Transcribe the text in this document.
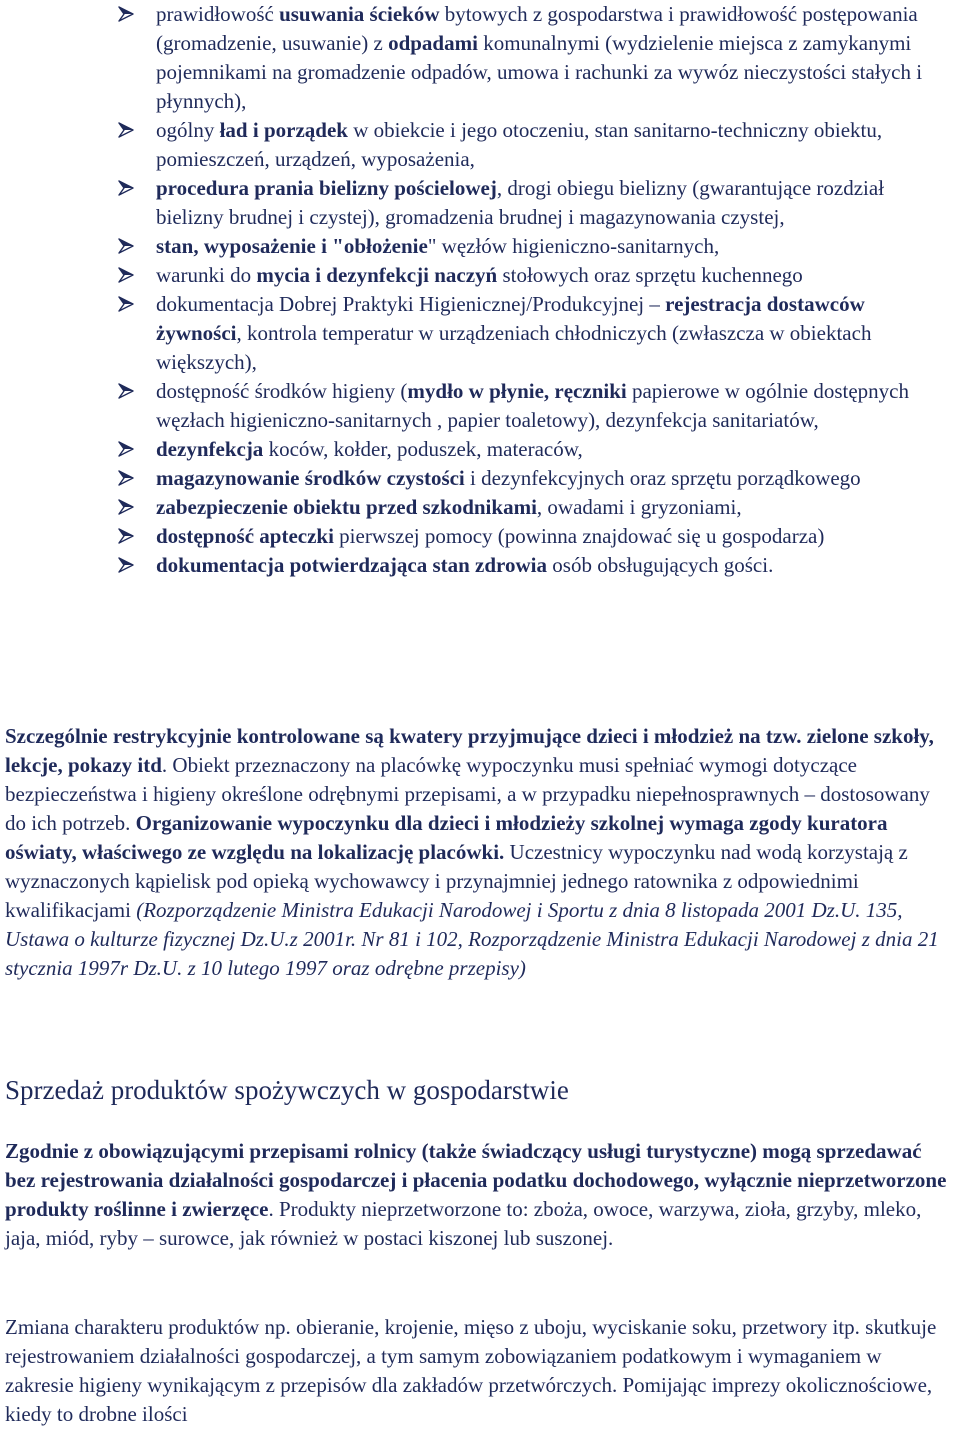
prawidłowość usuwania ścieków bytowych z gospodarstwa i prawidłowość postępowania (gromadzenie, usuwanie) z odpadami komunalnymi (wydzielenie miejsca z zamykanymi pojemnikami na gromadzenie odpadów, umowa i rachunki za wywóz nieczystości stałych i płynnych),
ogólny ład i porządek w obiekcie i jego otoczeniu, stan sanitarno-techniczny obiektu, pomieszczeń, urządzeń, wyposażenia,
procedura prania bielizny pościelowej, drogi obiegu bielizny (gwarantujące rozdział bielizny brudnej i czystej), gromadzenia brudnej i magazynowania czystej,
stan, wyposażenie i "obłożenie" węzłów higieniczno-sanitarnych,
warunki do mycia i dezynfekcji naczyń stołowych oraz sprzętu kuchennego
dokumentacja Dobrej Praktyki Higienicznej/Produkcyjnej – rejestracja dostawców żywności, kontrola temperatur w urządzeniach chłodniczych (zwłaszcza w obiektach większych),
dostępność środków higieny (mydło w płynie, ręczniki papierowe w ogólnie dostępnych węzłach higieniczno-sanitarnych , papier toaletowy), dezynfekcja sanitariatów,
dezynfekcja koców, kołder, poduszek, materaców,
magazynowanie środków czystości i dezynfekcyjnych oraz sprzętu porządkowego
zabezpieczenie obiektu przed szkodnikami, owadami i gryzoniami,
dostępność apteczki pierwszej pomocy (powinna znajdować się u gospodarza)
dokumentacja potwierdzająca stan zdrowia osób obsługujących gości.

Szczególnie restrykcyjnie kontrolowane są kwatery przyjmujące dzieci i młodzież na tzw. zielone szkoły, lekcje, pokazy itd. Obiekt przeznaczony na placówkę wypoczynku musi spełniać wymogi dotyczące bezpieczeństwa i higieny określone odrębnymi przepisami, a w przypadku niepełnosprawnych – dostosowany do ich potrzeb. Organizowanie wypoczynku dla dzieci i młodzieży szkolnej wymaga zgody kuratora oświaty, właściwego ze względu na lokalizację placówki. Uczestnicy wypoczynku nad wodą korzystają z wyznaczonych kąpielisk pod opieką wychowawcy i przynajmniej jednego ratownika z odpowiednimi kwalifikacjami (Rozporządzenie Ministra Edukacji Narodowej i Sportu z dnia 8 listopada 2001 Dz.U. 135, Ustawa o kulturze fizycznej Dz.U.z 2001r. Nr 81 i 102, Rozporządzenie Ministra Edukacji Narodowej z dnia 21 stycznia 1997r Dz.U. z 10 lutego 1997 oraz odrębne przepisy)

Sprzedaż produktów spożywczych w gospodarstwie

Zgodnie z obowiązującymi przepisami rolnicy (także świadczący usługi turystyczne) mogą sprzedawać bez rejestrowania działalności gospodarczej i płacenia podatku dochodowego, wyłącznie nieprzetworzone produkty roślinne i zwierzęce. Produkty nieprzetworzone to: zboża, owoce, warzywa, zioła, grzyby, mleko, jaja, miód, ryby – surowce, jak również w postaci kiszonej lub suszonej.

Zmiana charakteru produktów np. obieranie, krojenie, mięso z uboju, wyciskanie soku, przetwory itp. skutkuje rejestrowaniem działalności gospodarczej, a tym samym zobowiązaniem podatkowym i wymaganiem w zakresie higieny wynikającym z przepisów dla zakładów przetwórczych. Pomijając imprezy okolicznościowe, kiedy to drobne ilości
